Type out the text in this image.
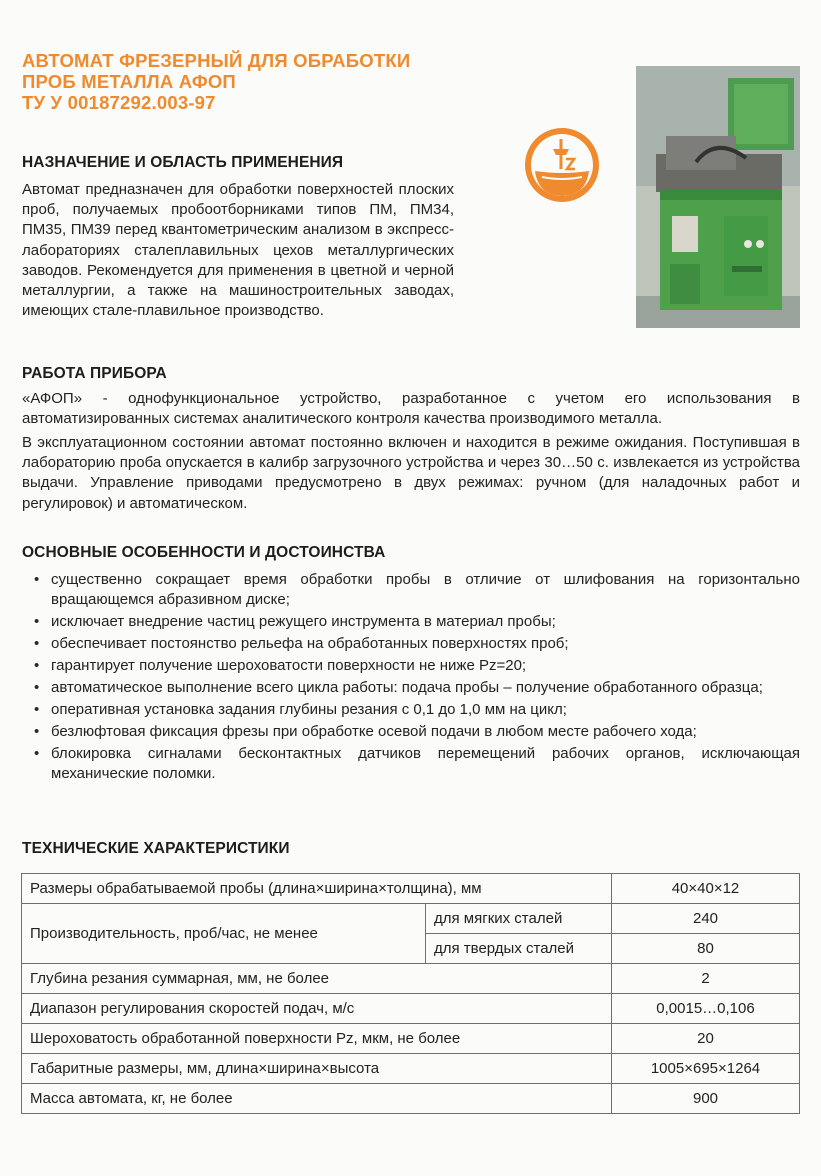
АВТОМАТ ФРЕЗЕРНЫЙ ДЛЯ ОБРАБОТКИ
ПРОБ МЕТАЛЛА АФОП
ТУ У 00187292.003-97
НАЗНАЧЕНИЕ И ОБЛАСТЬ ПРИМЕНЕНИЯ
Автомат предназначен для обработки поверхностей плоских проб, получаемых пробоотборниками типов ПМ, ПМ34, ПМ35, ПМ39 перед квантометрическим анализом в экспресс-лабораториях сталеплавильных цехов металлургических заводов. Рекомендуется для применения в цветной и черной металлургии, а также на машиностроительных заводах, имеющих стале-плавильное производство.
РАБОТА ПРИБОРА
«АФОП» - однофункциональное устройство, разработанное с учетом его использования в автоматизированных системах аналитического контроля качества производимого металла.
В эксплуатационном состоянии автомат постоянно включен и находится в режиме ожидания. Поступившая в лабораторию проба опускается в калибр загрузочного устройства и через 30…50 с. извлекается из устройства выдачи. Управление приводами предусмотрено в двух режимах: ручном (для наладочных работ и регулировок) и автоматическом.
ОСНОВНЫЕ ОСОБЕННОСТИ И ДОСТОИНСТВА
• существенно сокращает время обработки пробы в отличие от шлифования на горизонтально вращающемся абразивном диске;
• исключает внедрение частиц режущего инструмента в материал пробы;
• обеспечивает постоянство рельефа на обработанных поверхностях проб;
• гарантирует получение шероховатости поверхности не ниже Pz=20;
• автоматическое выполнение всего цикла работы: подача пробы – получение обработанного образца;
• оперативная установка задания глубины резания с 0,1 до 1,0 мм на цикл;
• безлюфтовая фиксация фрезы при обработке осевой подачи в любом месте рабочего хода;
• блокировка сигналами бесконтактных датчиков перемещений рабочих органов, исключающая механические поломки.
ТЕХНИЧЕСКИЕ ХАРАКТЕРИСТИКИ
Размеры обрабатываемой пробы (длина×ширина×толщина), мм		40×40×12
Производительность, проб/час, не менее	для мягких сталей	240
	для твердых сталей	80
Глубина резания суммарная, мм, не более		2
Диапазон регулирования скоростей подач, м/с		0,0015…0,106
Шероховатость обработанной поверхности Pz, мкм, не более		20
Габаритные размеры, мм, длина×ширина×высота		1005×695×1264
Масса автомата, кг, не более		900
